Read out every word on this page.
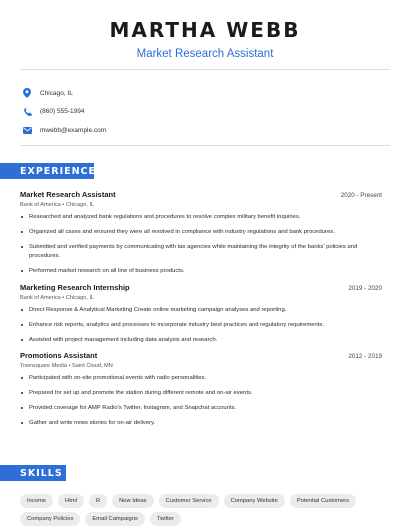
MARTHA WEBB
Market Research Assistant
Chicago, IL
(860) 555-1994
mwebb@example.com
EXPERIENCE
Market Research Assistant	2020 - Present
Bank of America • Chicago, IL
Researched and analyzed bank regulations and procedures to resolve complex military benefit inquiries.
Organized all cases and ensured they were all resolved in compliance with industry regulations and bank procedures.
Submitted and verified payments by communicating with tax agencies while maintaining the integrity of the banks' policies and procedures.
Performed market research on all line of business products.
Marketing Research Internship	2019 - 2020
Bank of America • Chicago, IL
Direct Response & Analytical Marketing Create online marketing campaign analyses and reporting.
Enhance risk reports, analytics and processes to incorporate industry best practices and regulatory requirements.
Assisted with project management including data analysis and research.
Promotions Assistant	2012 - 2019
Townsquare Media • Saint Cloud, MN
Participated with on-site promotional events with radio personalities.
Prepared for set up and promote the station during different remote and on-air events.
Provided coverage for AMP Radio's Twitter, Instagram, and Snapchat accounts.
Gather and write news stories for on-air delivery.
SKILLS
Income	Html	R	New Ideas	Customer Service	Company Website	Potential Customers
Company Policies	Email Campaigns	Twitter
